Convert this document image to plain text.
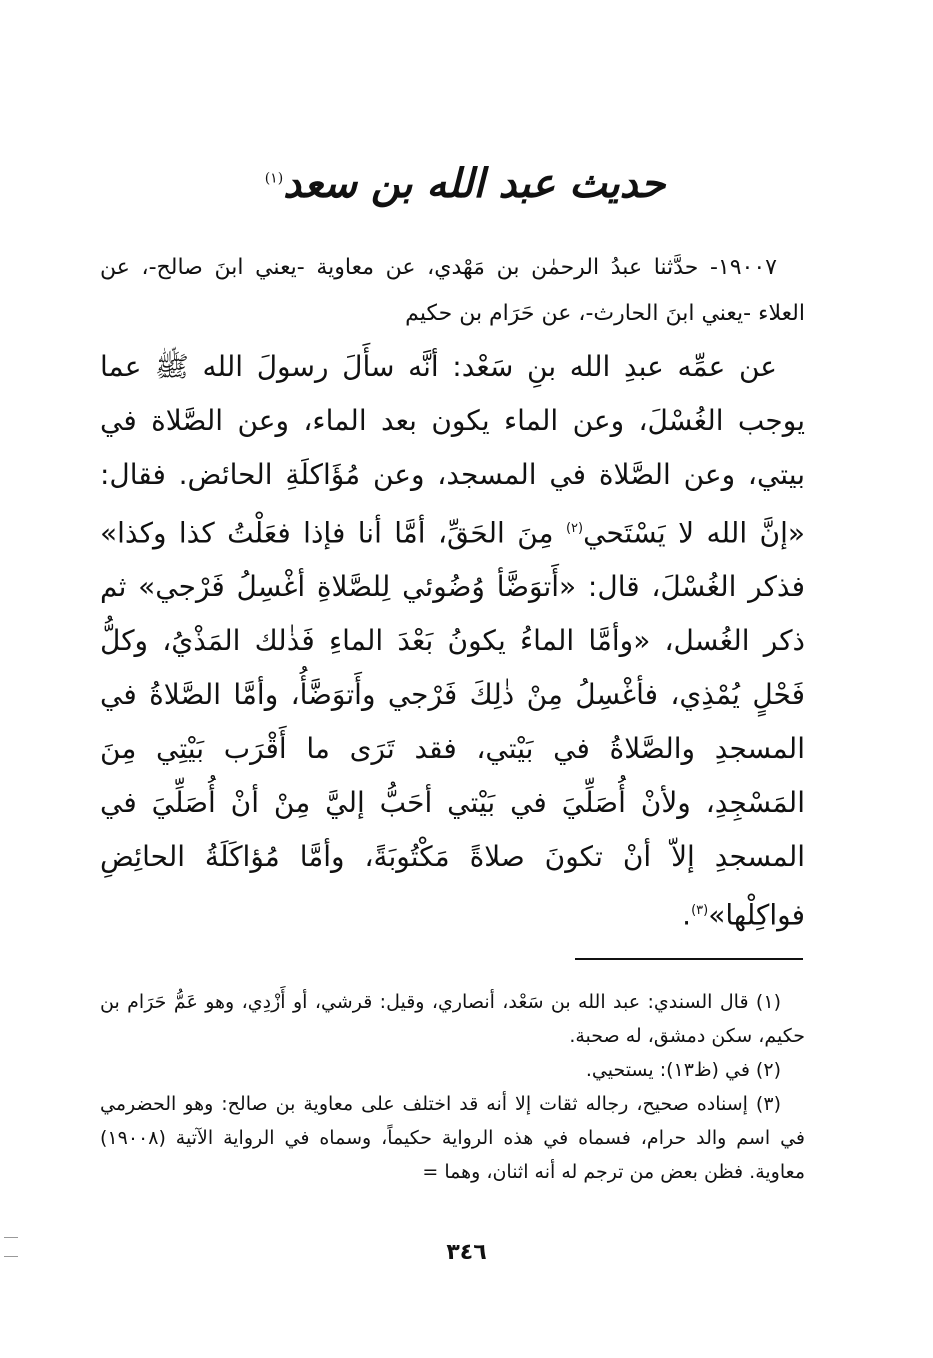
حديث عبد الله بن سعد$^{(١)}$
١٩٠٠٧- حدَّثنا عبدُ الرحمٰن بن مَهْدي، عن معاوية -يعني ابنَ صالح-، عن العلاء -يعني ابنَ الحارث-، عن حَرَام بن حكيم
عن عمِّه عبدِ الله بنِ سَعْد: أنَّه سأَلَ رسولَ الله ﷺ عما يوجب الغُسْلَ، وعن الماء يكون بعد الماء، وعن الصَّلاة في بيتي، وعن الصَّلاة في المسجد، وعن مُؤَاكلَةِ الحائض. فقال: «إنَّ الله لا يَسْتَحي$^{(٢)}$ مِنَ الحَقِّ، أمَّا أنا فإذا فعَلْتُ كذا وكذا» فذكر الغُسْلَ، قال: «أَتوَضَّأ وُضُوئي لِلصَّلاةِ أغْسِلُ فَرْجي» ثم ذكر الغُسل، «وأمَّا الماءُ يكونُ بَعْدَ الماءِ فَذٰلك المَذْيُ، وكلُّ فَحْلٍ يُمْذِي، فأغْسِلُ مِنْ ذٰلِكَ فَرْجي وأَتوَضَّأُ، وأمَّا الصَّلاةُ في المسجدِ والصَّلاةُ في بَيْتي، فقد تَرَى ما أَقْرَب بَيْتِي مِنَ المَسْجِدِ، ولأنْ أُصَلِّيَ في بَيْتي أحَبُّ إليَّ مِنْ أنْ أُصَلِّيَ في المسجدِ إلاّ أنْ تكونَ صلاةً مَكْتُوبَةً، وأمَّا مُؤاكَلَةُ الحائِضِ فواكِلْها»$^{(٣)}$.

(١) قال السندي: عبد الله بن سَعْد، أنصاري، وقيل: قرشي، أو أَزْدِي، وهو عَمُّ حَرَام بن حكيم، سكن دمشق، له صحبة.

(٢) في (ظ١٣): يستحيي.

(٣) إسناده صحيح، رجاله ثقات إلا أنه قد اختلف على معاوية بن صالح: وهو الحضرمي في اسم والد حرام، فسماه في هذه الرواية حكيماً، وسماه في الرواية الآتية (١٩٠٠٨) معاوية. فظن بعض من ترجم له أنه اثنان، وهما =

٣٤٦
